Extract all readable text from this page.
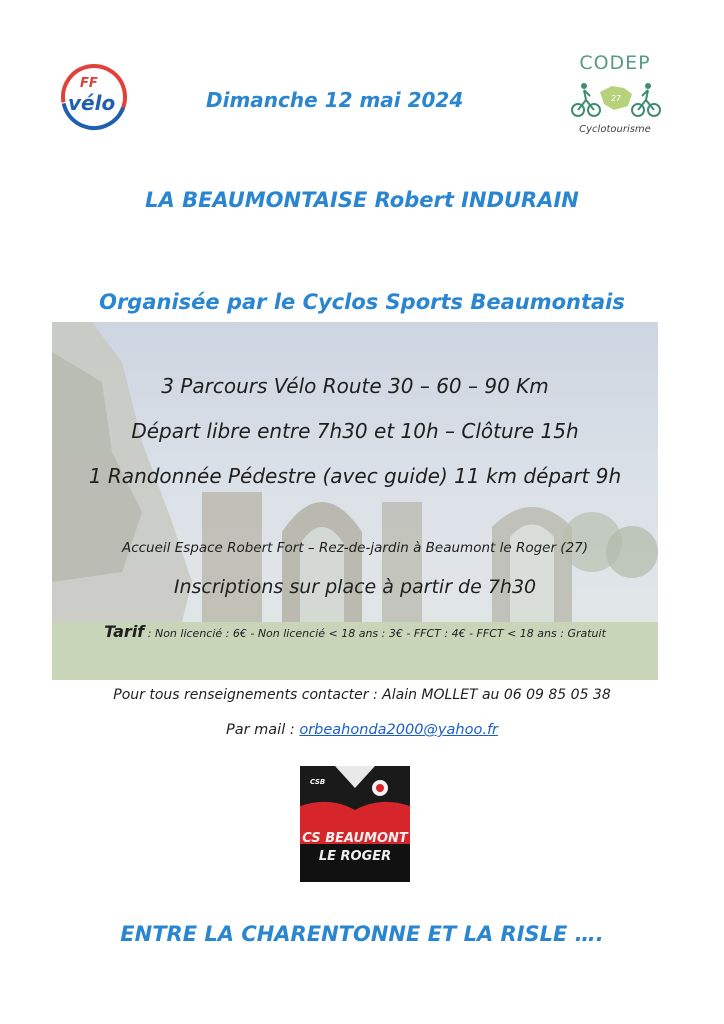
FF
vélo	Dimanche 12 mai 2024
CODEP
27
Cyclotourisme
LA BEAUMONTAISE Robert INDURAIN
Organisée par le Cyclos Sports Beaumontais
3 Parcours Vélo Route 30 – 60 – 90 Km
Départ libre entre 7h30 et 10h – Clôture 15h
1 Randonnée Pédestre (avec guide) 11 km départ 9h
Accueil Espace Robert Fort – Rez-de-jardin à Beaumont le Roger (27)
Inscriptions sur place à partir de 7h30
Tarif : Non licencié : 6€ - Non licencié < 18 ans : 3€ - FFCT : 4€ - FFCT < 18 ans : Gratuit
Pour tous renseignements contacter : Alain MOLLET au 06 09 85 05 38
Par mail : orbeahonda2000@yahoo.fr
CSB
CS BEAUMONT
LE ROGER
ENTRE LA CHARENTONNE ET LA RISLE ….
